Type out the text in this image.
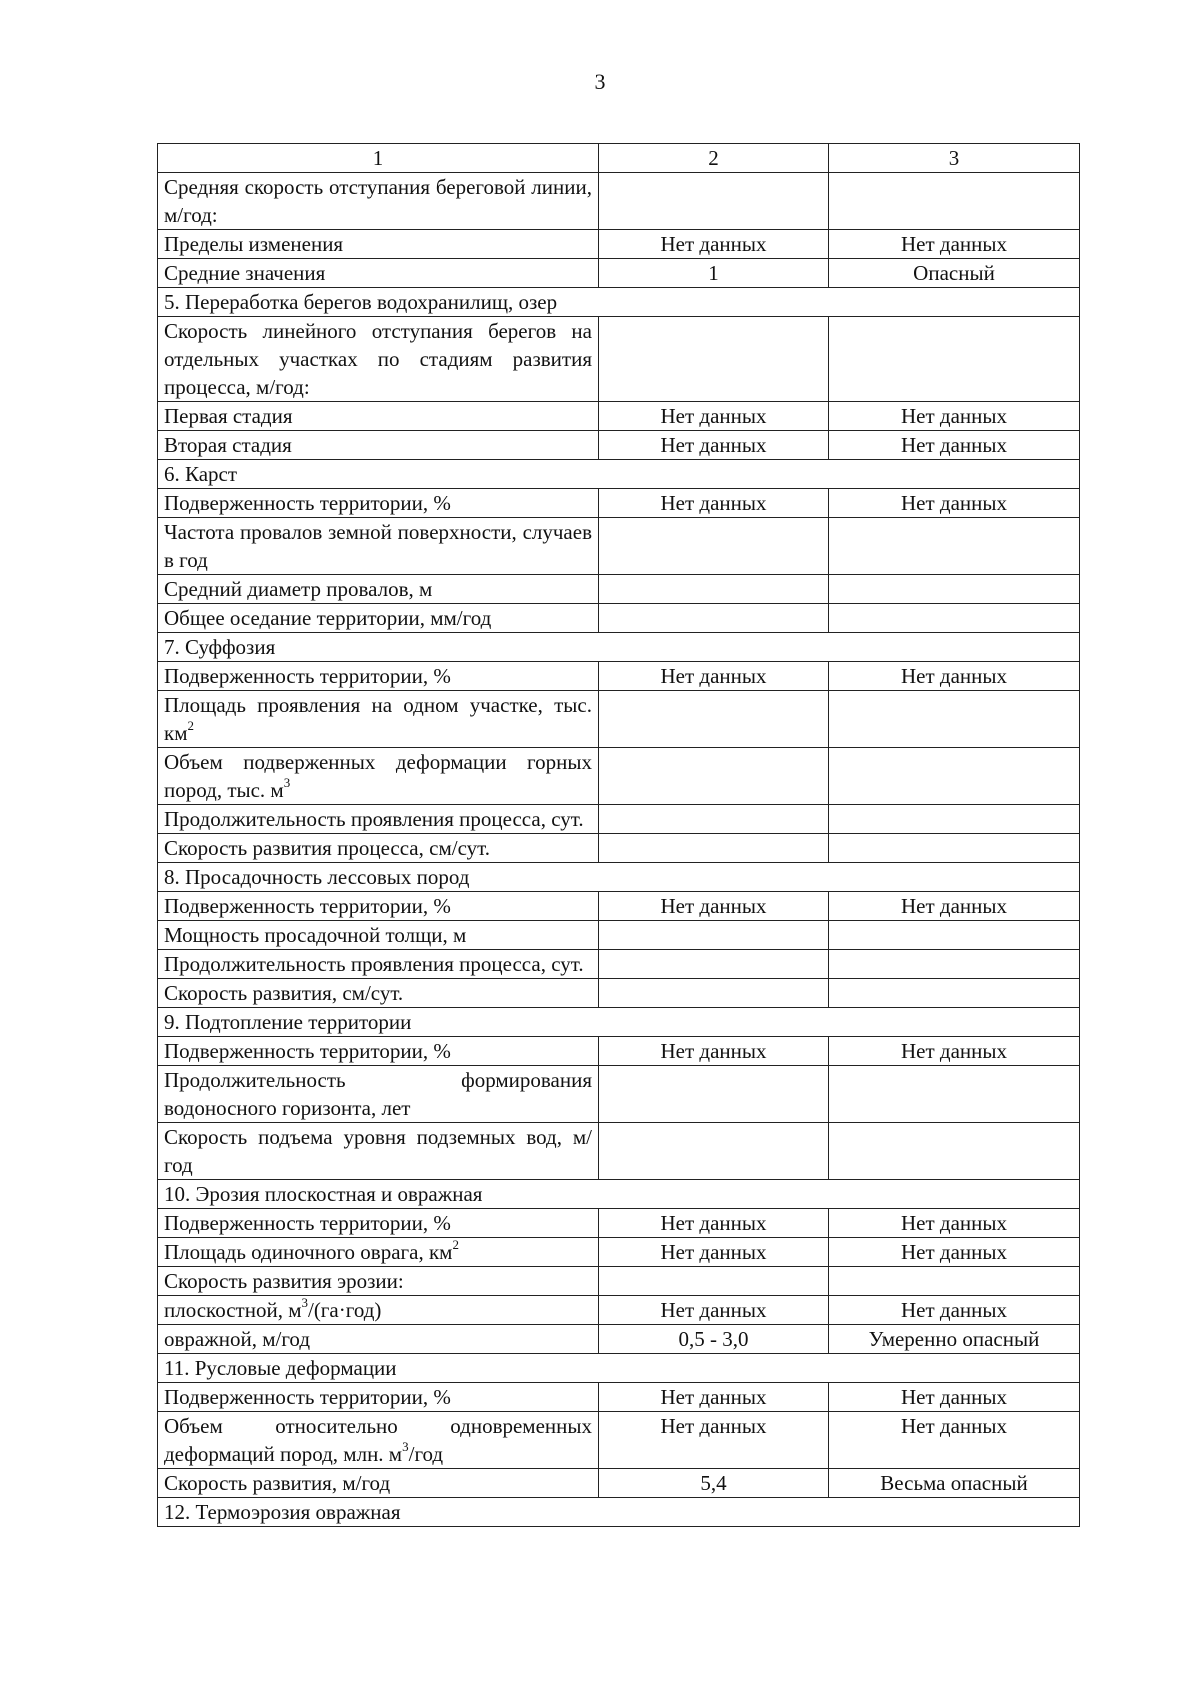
3
1	2	3
Средняя скорость отступания береговой линии, м/год:		
Пределы изменения	Нет данных	Нет данных
Средние значения	1	Опасный
5. Переработка берегов водохранилищ, озер		
Скорость линейного отступания берегов на отдельных участках по стадиям развития процесса, м/год:		
Первая стадия	Нет данных	Нет данных
Вторая стадия	Нет данных	Нет данных
6. Карст		
Подверженность территории, %	Нет данных	Нет данных
Частота провалов земной поверхности, случаев в год		
Средний диаметр провалов, м		
Общее оседание территории, мм/год		
7. Суффозия		
Подверженность территории, %	Нет данных	Нет данных
Площадь проявления на одном участке, тыс. $км^2$		
Объем подверженных деформации горных пород, тыс. $м^3$		
Продолжительность проявления процесса, сут.		
Скорость развития процесса, см/сут.		
8. Просадочность лессовых пород		
Подверженность территории, %	Нет данных	Нет данных
Мощность просадочной толщи, м		
Продолжительность проявления процесса, сут.		
Скорость развития, см/сут.		
9. Подтопление территории		
Подверженность территории, %	Нет данных	Нет данных
Продолжительность формирования водоносного горизонта, лет		
Скорость подъема уровня подземных вод, м/год		
10. Эрозия плоскостная и овражная		
Подверженность территории, %	Нет данных	Нет данных
Площадь одиночного оврага, $км^2$	Нет данных	Нет данных
Скорость развития эрозии:		
плоскостной, $м^3/(га\cdot год)$	Нет данных	Нет данных
овражной, м/год	0,5 - 3,0	Умеренно опасный
11. Русловые деформации		
Подверженность территории, %	Нет данных	Нет данных
Объем относительно одновременных деформаций пород, млн. $м^3$/год	Нет данных	Нет данных
Скорость развития, м/год	5,4	Весьма опасный
12. Термоэрозия овражная		
